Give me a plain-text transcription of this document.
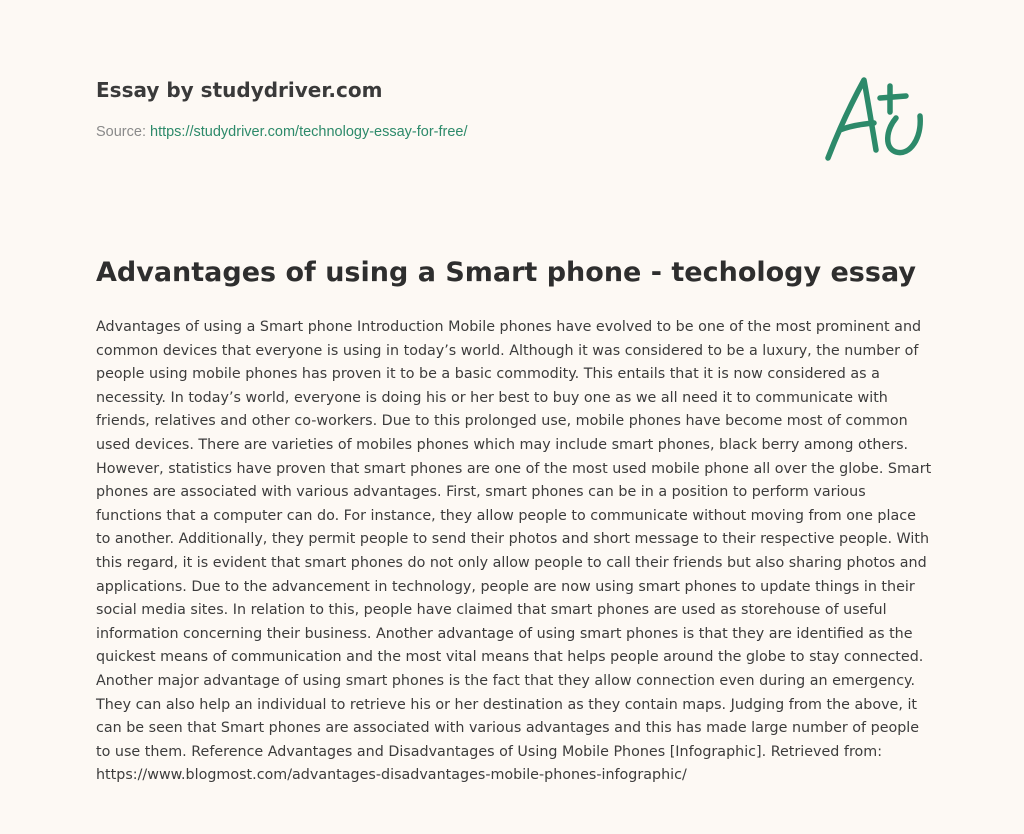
Essay by studydriver.com
Source: https://studydriver.com/technology-essay-for-free/
Advantages of using a Smart phone - techology essay

Advantages of using a Smart phone Introduction Mobile phones have evolved to be one of the most prominent and common devices that everyone is using in today’s world. Although it was considered to be a luxury, the number of people using mobile phones has proven it to be a basic commodity. This entails that it is now considered as a necessity. In today’s world, everyone is doing his or her best to buy one as we all need it to communicate with friends, relatives and other co-workers. Due to this prolonged use, mobile phones have become most of common used devices. There are varieties of mobiles phones which may include smart phones, black berry among others. However, statistics have proven that smart phones are one of the most used mobile phone all over the globe. Smart phones are associated with various advantages. First, smart phones can be in a position to perform various functions that a computer can do. For instance, they allow people to communicate without moving from one place to another. Additionally, they permit people to send their photos and short message to their respective people. With this regard, it is evident that smart phones do not only allow people to call their friends but also sharing photos and applications. Due to the advancement in technology, people are now using smart phones to update things in their social media sites. In relation to this, people have claimed that smart phones are used as storehouse of useful information concerning their business. Another advantage of using smart phones is that they are identified as the quickest means of communication and the most vital means that helps people around the globe to stay connected. Another major advantage of using smart phones is the fact that they allow connection even during an emergency. They can also help an individual to retrieve his or her destination as they contain maps. Judging from the above, it can be seen that Smart phones are associated with various advantages and this has made large number of people to use them. Reference Advantages and Disadvantages of Using Mobile Phones [Infographic]. Retrieved from: https://www.blogmost.com/advantages-disadvantages-mobile-phones-infographic/
